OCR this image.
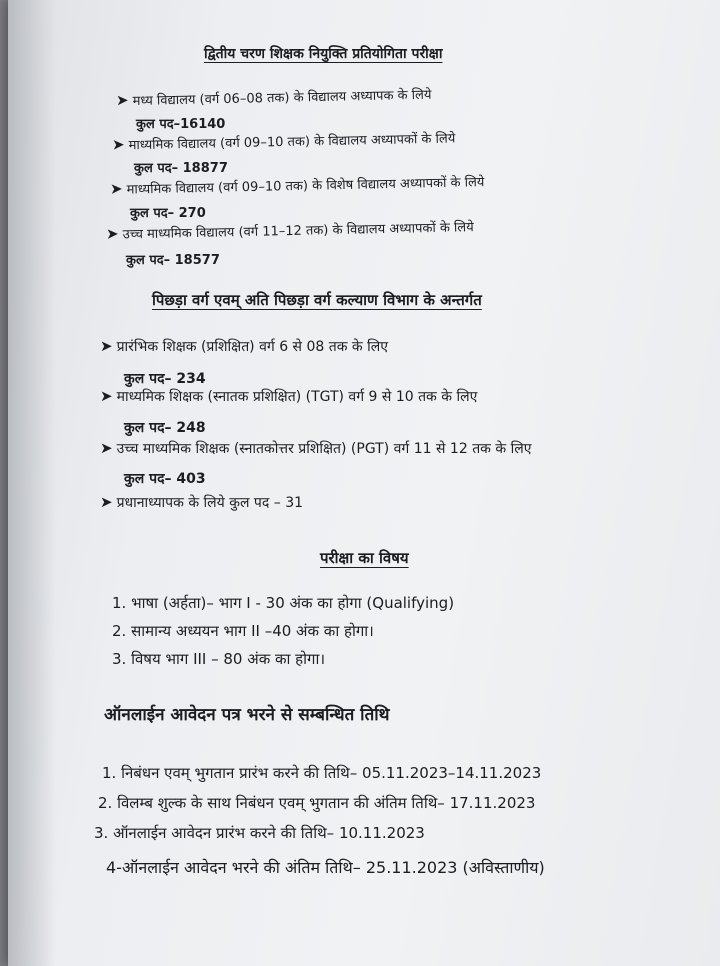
द्वितीय चरण शिक्षक नियुक्ति प्रतियोगिता परीक्षा
➤ मध्य विद्यालय (वर्ग 06–08 तक) के विद्यालय अध्यापक के लिये
कुल पद–16140
➤ माध्यमिक विद्यालय (वर्ग 09–10 तक) के विद्यालय अध्यापकों के लिये
कुल पद– 18877
➤ माध्यमिक विद्यालय (वर्ग 09–10 तक) के विशेष विद्यालय अध्यापकों के लिये
कुल पद– 270
➤ उच्च माध्यमिक विद्यालय (वर्ग 11–12 तक) के विद्यालय अध्यापकों के लिये
कुल पद– 18577
पिछड़ा वर्ग एवम् अति पिछड़ा वर्ग कल्याण विभाग के अन्तर्गत
➤ प्रारंभिक शिक्षक (प्रशिक्षित) वर्ग 6 से 08 तक के लिए
कुल पद– 234
➤ माध्यमिक शिक्षक (स्नातक प्रशिक्षित) (TGT) वर्ग 9 से 10 तक के लिए
कुल पद– 248
➤ उच्च माध्यमिक शिक्षक (स्नातकोत्तर प्रशिक्षित) (PGT) वर्ग 11 से 12 तक के लिए
कुल पद– 403
➤ प्रधानाध्यापक के लिये कुल पद – 31
परीक्षा का विषय
1. भाषा (अर्हता)– भाग I - 30 अंक का होगा (Qualifying)
2. सामान्य अध्ययन भाग II –40 अंक का होगा।
3. विषय भाग III – 80 अंक का होगा।
ऑनलाईन आवेदन पत्र भरने से सम्बन्धित तिथि
1. निबंधन एवम् भुगतान प्रारंभ करने की तिथि– 05.11.2023–14.11.2023
2. विलम्ब शुल्क के साथ निबंधन एवम् भुगतान की अंतिम तिथि– 17.11.2023
3. ऑनलाईन आवेदन प्रारंभ करने की तिथि– 10.11.2023
4-ऑनलाईन आवेदन भरने की अंतिम तिथि– 25.11.2023 (अविस्ताणीय)
